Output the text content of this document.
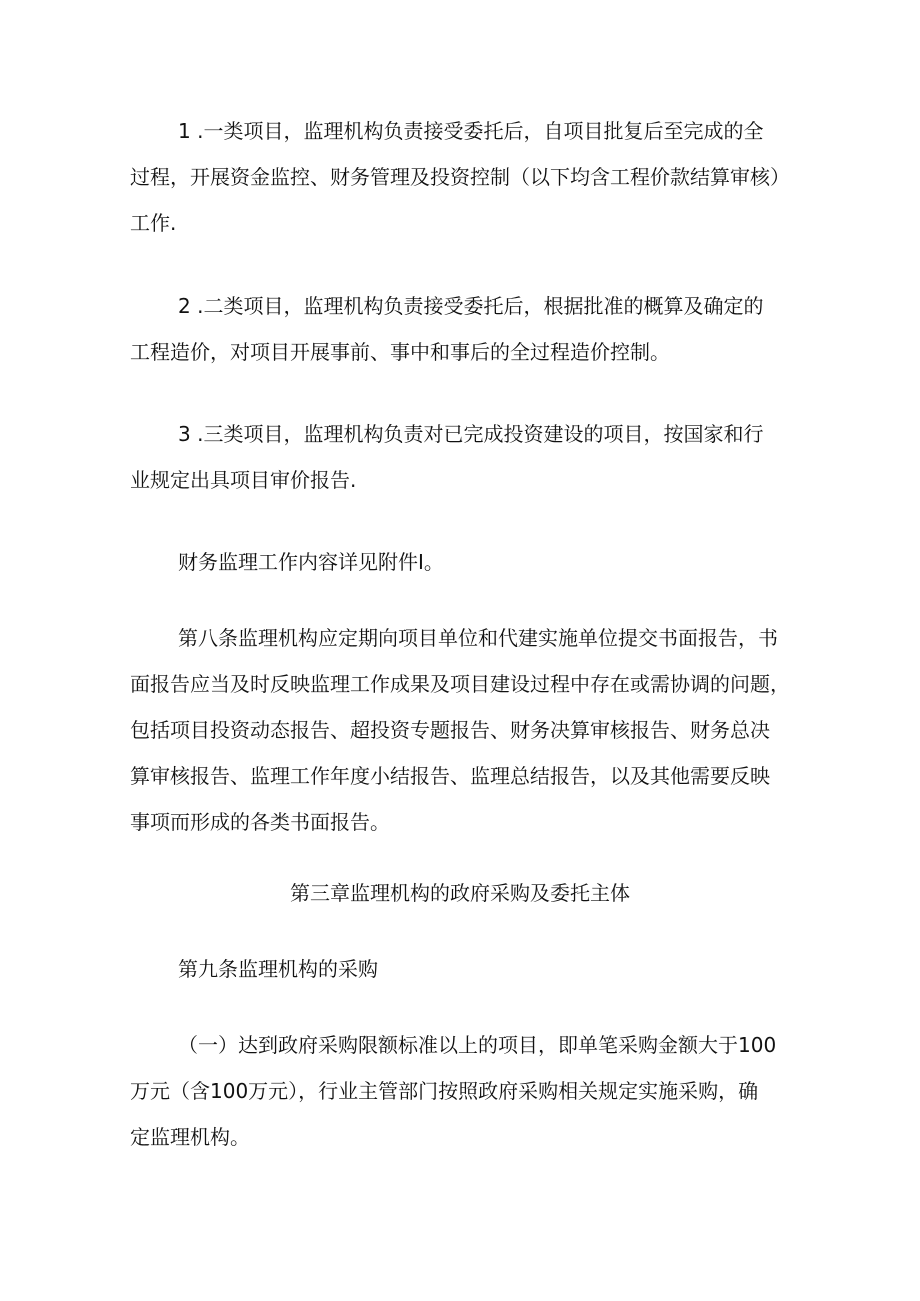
1 .一类项目，监理机构负责接受委托后，自项目批复后至完成的全
过程，开展资金监控、财务管理及投资控制（以下均含工程价款结算审核）
工作.

2 .二类项目，监理机构负责接受委托后，根据批准的概算及确定的
工程造价，对项目开展事前、事中和事后的全过程造价控制。

3 .三类项目，监理机构负责对已完成投资建设的项目，按国家和行
业规定出具项目审价报告.

财务监理工作内容详见附件I。

第八条监理机构应定期向项目单位和代建实施单位提交书面报告，书
面报告应当及时反映监理工作成果及项目建设过程中存在或需协调的问题，
包括项目投资动态报告、超投资专题报告、财务决算审核报告、财务总决
算审核报告、监理工作年度小结报告、监理总结报告，以及其他需要反映
事项而形成的各类书面报告。

第三章监理机构的政府采购及委托主体

第九条监理机构的采购

（一）达到政府采购限额标准以上的项目，即单笔采购金额大于100
万元（含100万元），行业主管部门按照政府采购相关规定实施采购，确
定监理机构。
